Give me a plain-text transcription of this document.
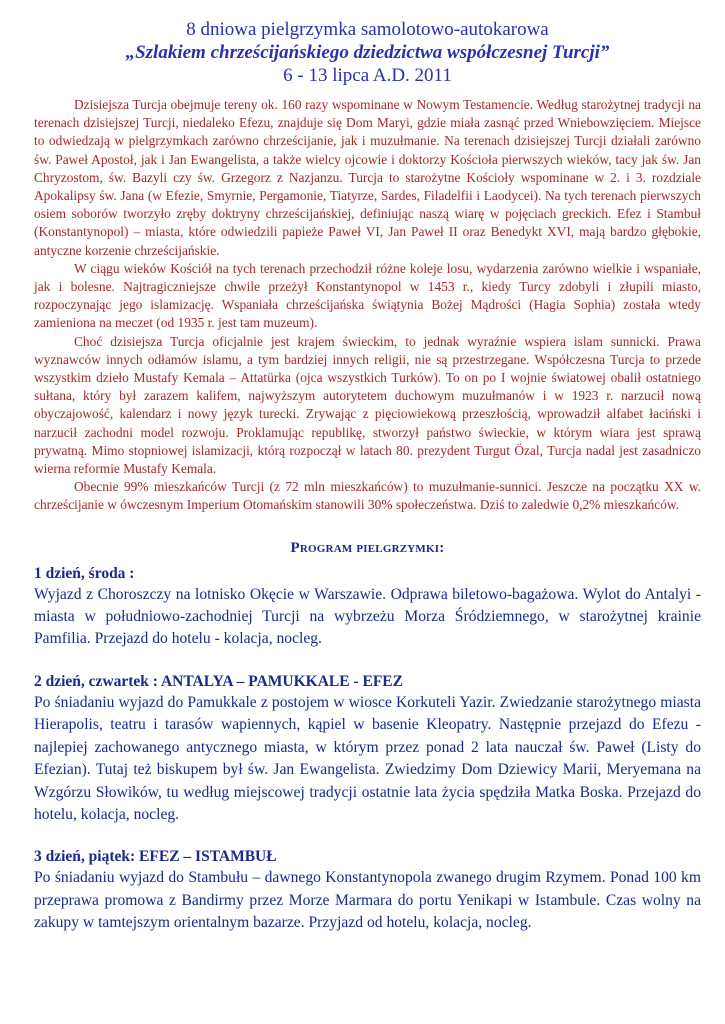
8 dniowa pielgrzymka samolotowo-autokarowa
„Szlakiem chrześcijańskiego dziedzictwa współczesnej Turcji”
6 - 13 lipca A.D. 2011

Dzisiejsza Turcja obejmuje tereny ok. 160 razy wspominane w Nowym Testamencie. Według starożytnej tradycji na terenach dzisiejszej Turcji, niedaleko Efezu, znajduje się Dom Maryi, gdzie miała zasnąć przed Wniebowzięciem. Miejsce to odwiedzają w pielgrzymkach zarówno chrześcijanie, jak i muzułmanie. Na terenach dzisiejszej Turcji działali zarówno św. Paweł Apostoł, jak i Jan Ewangelista, a także wielcy ojcowie i doktorzy Kościoła pierwszych wieków, tacy jak św. Jan Chryzostom, św. Bazyli czy św. Grzegorz z Nazjanzu. Turcja to starożytne Kościoły wspominane w 2. i 3. rozdziale Apokalipsy św. Jana (w Efezie, Smyrnie, Pergamonie, Tiatyrze, Sardes, Filadelfii i Laodycei). Na tych terenach pierwszych osiem soborów tworzyło zręby doktryny chrześcijańskiej, definiując naszą wiarę w pojęciach greckich. Efez i Stambuł (Konstantynopol) – miasta, które odwiedzili papieże Paweł VI, Jan Paweł II oraz Benedykt XVI, mają bardzo głębokie, antyczne korzenie chrześcijańskie.

W ciągu wieków Kościół na tych terenach przechodził różne koleje losu, wydarzenia zarówno wielkie i wspaniałe, jak i bolesne. Najtragiczniejsze chwile przeżył Konstantynopol w 1453 r., kiedy Turcy zdobyli i złupili miasto, rozpoczynając jego islamizację. Wspaniała chrześcijańska świątynia Bożej Mądrości (Hagia Sophia) została wtedy zamieniona na meczet (od 1935 r. jest tam muzeum).

Choć dzisiejsza Turcja oficjalnie jest krajem świeckim, to jednak wyraźnie wspiera islam sunnicki. Prawa wyznawców innych odłamów islamu, a tym bardziej innych religii, nie są przestrzegane. Współczesna Turcja to przede wszystkim dzieło Mustafy Kemala – Attatürka (ojca wszystkich Turków). To on po I wojnie światowej obalił ostatniego sułtana, który był zarazem kalifem, najwyższym autorytetem duchowym muzułmanów i w 1923 r. narzucił nową obyczajowość, kalendarz i nowy język turecki. Zrywając z pięciowiekową przeszłością, wprowadził alfabet łaciński i narzucił zachodni model rozwoju. Proklamując republikę, stworzył państwo świeckie, w którym wiara jest sprawą prywatną. Mimo stopniowej islamizacji, którą rozpoczął w latach 80. prezydent Turgut Özal, Turcja nadal jest zasadniczo wierna reformie Mustafy Kemala.

Obecnie 99% mieszkańców Turcji (z 72 mln mieszkańców) to muzułmanie-sunnici. Jeszcze na początku XX w. chrześcijanie w ówczesnym Imperium Otomańskim stanowili 30% społeczeństwa. Dziś to zaledwie 0,2% mieszkańców.

Program pielgrzymki:
1 dzień, środa :
Wyjazd z Choroszczy na lotnisko Okęcie w Warszawie. Odprawa biletowo-bagażowa. Wylot do Antalyi - miasta w południowo-zachodniej Turcji na wybrzeżu Morza Śródziemnego, w starożytnej krainie Pamfilia. Przejazd do hotelu - kolacja, nocleg.
2 dzień, czwartek : ANTALYA – PAMUKKALE - EFEZ
Po śniadaniu wyjazd do Pamukkale z postojem w wiosce Korkuteli Yazir. Zwiedzanie starożytnego miasta Hierapolis, teatru i tarasów wapiennych, kąpiel w basenie Kleopatry. Następnie przejazd do Efezu - najlepiej zachowanego antycznego miasta, w którym przez ponad 2 lata nauczał św. Paweł (Listy do Efezian). Tutaj też biskupem był św. Jan Ewangelista. Zwiedzimy Dom Dziewicy Marii, Meryemana na Wzgórzu Słowików, tu według miejscowej tradycji ostatnie lata życia spędziła Matka Boska. Przejazd do hotelu, kolacja, nocleg.
3 dzień, piątek: EFEZ – ISTAMBUŁ
Po śniadaniu wyjazd do Stambułu – dawnego Konstantynopola zwanego drugim Rzymem. Ponad 100 km przeprawa promowa z Bandirmy przez Morze Marmara do portu Yenikapi w Istambule. Czas wolny na zakupy w tamtejszym orientalnym bazarze. Przyjazd od hotelu, kolacja, nocleg.
